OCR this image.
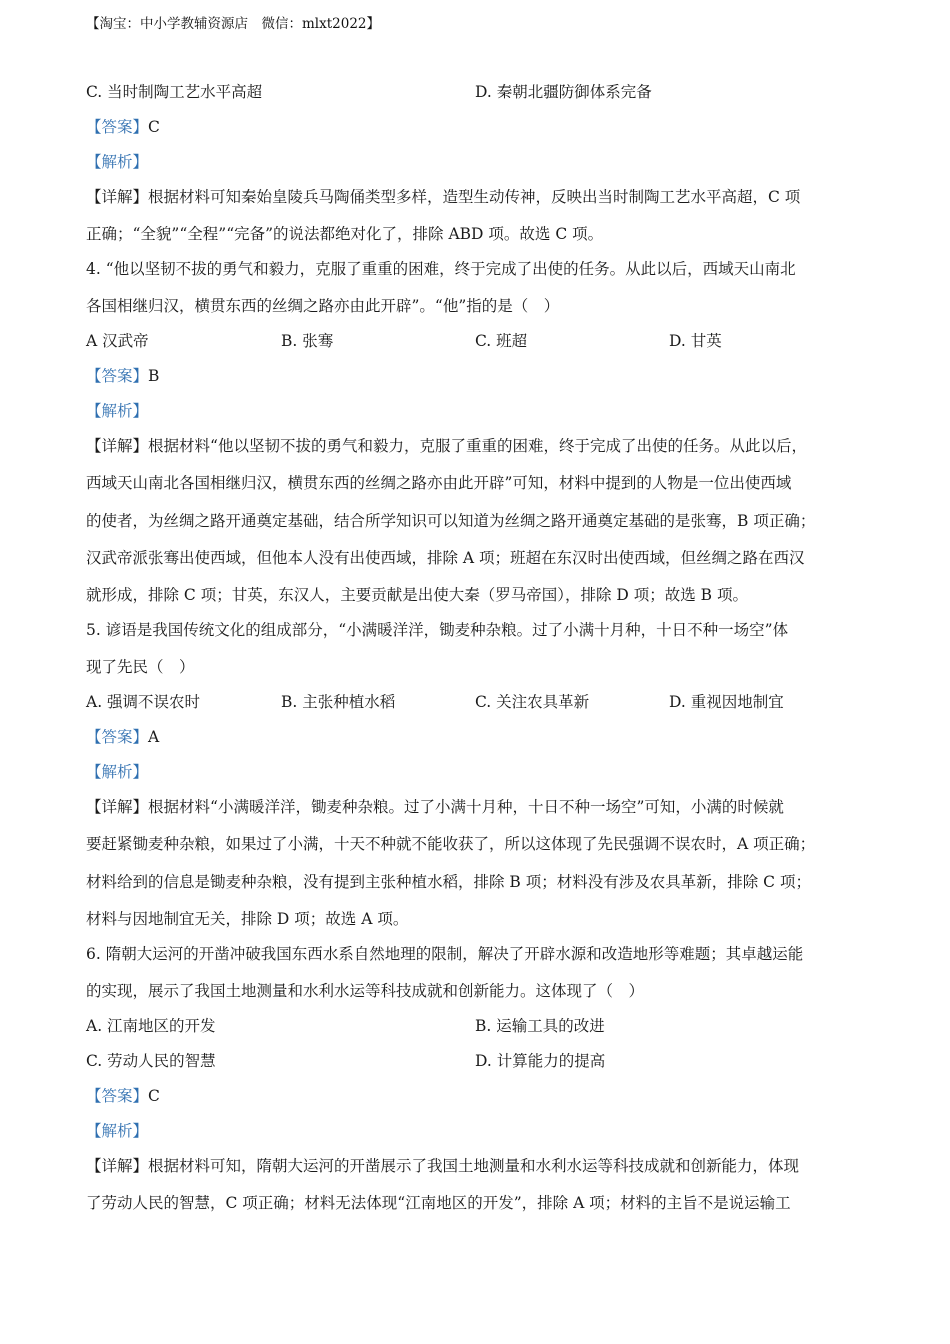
【淘宝：中小学教辅资源店　微信：mlxt2022】
C. 当时制陶工艺水平高超	D. 秦朝北疆防御体系完备
【答案】C
【解析】
【详解】根据材料可知秦始皇陵兵马陶俑类型多样，造型生动传神，反映出当时制陶工艺水平高超，C 项
正确；“全貌”“全程”“完备”的说法都绝对化了，排除 ABD 项。故选 C 项。
4. “他以坚韧不拔的勇气和毅力，克服了重重的困难，终于完成了出使的任务。从此以后，西域天山南北
各国相继归汉，横贯东西的丝绸之路亦由此开辟”。“他”指的是（　）
A 汉武帝	B. 张骞	C. 班超	D. 甘英
【答案】B
【解析】
【详解】根据材料“他以坚韧不拔的勇气和毅力，克服了重重的困难，终于完成了出使的任务。从此以后，
西域天山南北各国相继归汉，横贯东西的丝绸之路亦由此开辟”可知，材料中提到的人物是一位出使西域
的使者，为丝绸之路开通奠定基础，结合所学知识可以知道为丝绸之路开通奠定基础的是张骞，B 项正确；
汉武帝派张骞出使西域，但他本人没有出使西域，排除 A 项；班超在东汉时出使西域，但丝绸之路在西汉
就形成，排除 C 项；甘英，东汉人，主要贡献是出使大秦（罗马帝国），排除 D 项；故选 B 项。
5. 谚语是我国传统文化的组成部分，“小满暖洋洋，锄麦种杂粮。过了小满十月种，十日不种一场空”体
现了先民（　）
A. 强调不误农时	B. 主张种植水稻	C. 关注农具革新	D. 重视因地制宜
【答案】A
【解析】
【详解】根据材料“小满暖洋洋，锄麦种杂粮。过了小满十月种，十日不种一场空”可知，小满的时候就
要赶紧锄麦种杂粮，如果过了小满，十天不种就不能收获了，所以这体现了先民强调不误农时，A 项正确；
材料给到的信息是锄麦种杂粮，没有提到主张种植水稻，排除 B 项；材料没有涉及农具革新，排除 C 项；
材料与因地制宜无关，排除 D 项；故选 A 项。
6. 隋朝大运河的开凿冲破我国东西水系自然地理的限制，解决了开辟水源和改造地形等难题；其卓越运能
的实现，展示了我国土地测量和水利水运等科技成就和创新能力。这体现了（　）
A. 江南地区的开发	B. 运输工具的改进
C. 劳动人民的智慧	D. 计算能力的提高
【答案】C
【解析】
【详解】根据材料可知，隋朝大运河的开凿展示了我国土地测量和水利水运等科技成就和创新能力，体现
了劳动人民的智慧，C 项正确；材料无法体现“江南地区的开发”，排除 A 项；材料的主旨不是说运输工
